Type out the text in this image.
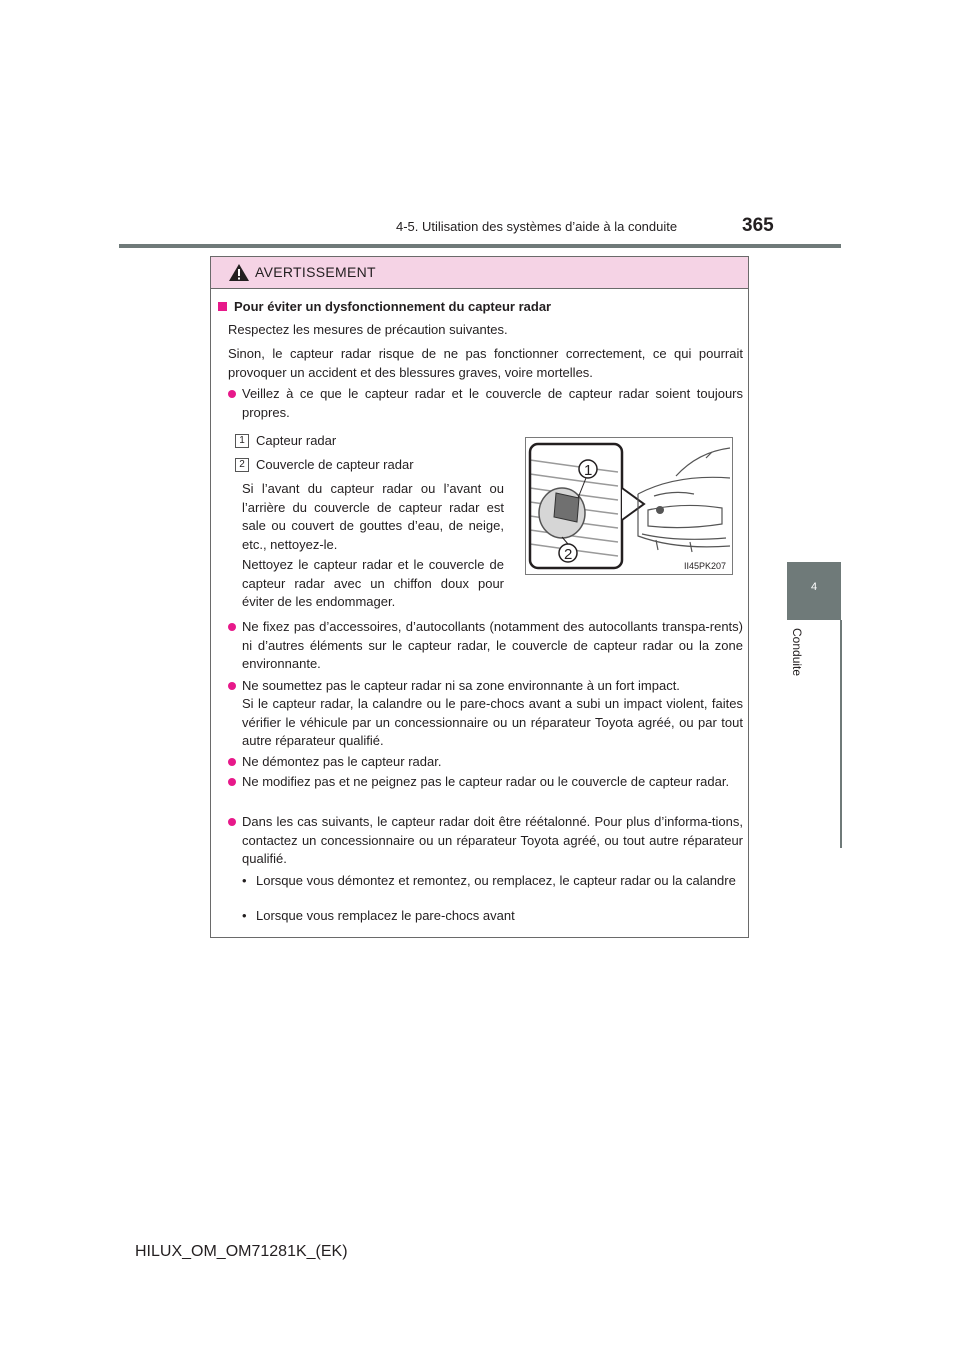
4-5. Utilisation des systèmes d’aide à la conduite	365
4
Conduite
AVERTISSEMENT
Pour éviter un dysfonctionnement du capteur radar
Respectez les mesures de précaution suivantes.
Sinon, le capteur radar risque de ne pas fonctionner correctement, ce qui pourrait provoquer un accident et des blessures graves, voire mortelles.
Veillez à ce que le capteur radar et le couvercle de capteur radar soient toujours propres.
1 Capteur radar
2 Couvercle de capteur radar
Si l’avant du capteur radar ou l’avant ou l’arrière du couvercle de capteur radar est sale ou couvert de gouttes d’eau, de neige, etc., nettoyez-le.
Nettoyez le capteur radar et le couvercle de capteur radar avec un chiffon doux pour éviter de les endommager.
1
2
II45PK207
Ne fixez pas d’accessoires, d’autocollants (notamment des autocollants transpa-rents) ni d’autres éléments sur le capteur radar, le couvercle de capteur radar ou la zone environnante.
Ne soumettez pas le capteur radar ni sa zone environnante à un fort impact.
Si le capteur radar, la calandre ou le pare-chocs avant a subi un impact violent, faites vérifier le véhicule par un concessionnaire ou un réparateur Toyota agréé, ou par tout autre réparateur qualifié.
Ne démontez pas le capteur radar.
Ne modifiez pas et ne peignez pas le capteur radar ou le couvercle de capteur radar.
Dans les cas suivants, le capteur radar doit être réétalonné. Pour plus d’informa-tions, contactez un concessionnaire ou un réparateur Toyota agréé, ou tout autre réparateur qualifié.
• Lorsque vous démontez et remontez, ou remplacez, le capteur radar ou la calandre
• Lorsque vous remplacez le pare-chocs avant
HILUX_OM_OM71281K_(EK)
